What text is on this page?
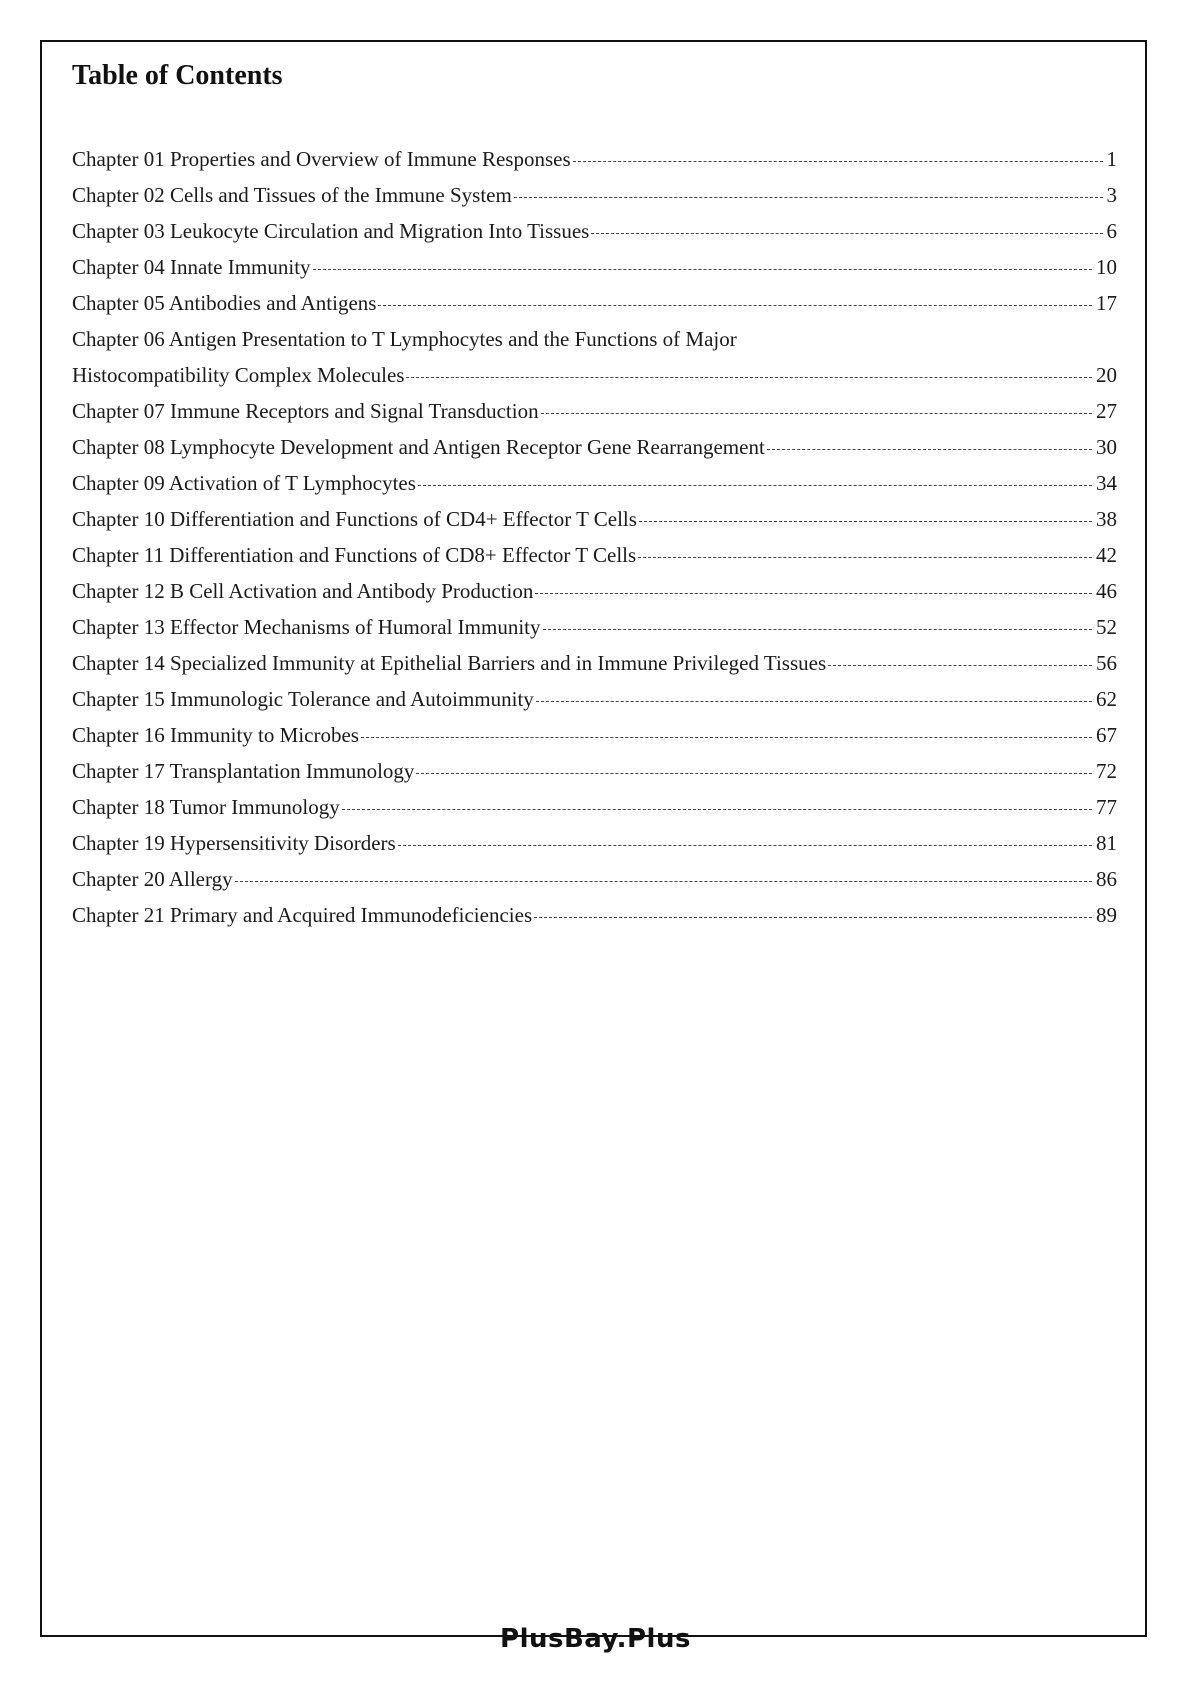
Table of Contents
Chapter 01 Properties and Overview of Immune Responses	1
Chapter 02 Cells and Tissues of the Immune System	3
Chapter 03 Leukocyte Circulation and Migration Into Tissues	6
Chapter 04 Innate Immunity	10
Chapter 05 Antibodies and Antigens	17
Chapter 06 Antigen Presentation to T Lymphocytes and the Functions of Major
Histocompatibility Complex Molecules	20
Chapter 07 Immune Receptors and Signal Transduction	27
Chapter 08 Lymphocyte Development and Antigen Receptor Gene Rearrangement	30
Chapter 09 Activation of T Lymphocytes	34
Chapter 10 Differentiation and Functions of CD4+ Effector T Cells	38
Chapter 11 Differentiation and Functions of CD8+ Effector T Cells	42
Chapter 12 B Cell Activation and Antibody Production	46
Chapter 13 Effector Mechanisms of Humoral Immunity	52
Chapter 14 Specialized Immunity at Epithelial Barriers and in Immune Privileged Tissues	56
Chapter 15 Immunologic Tolerance and Autoimmunity	62
Chapter 16 Immunity to Microbes	67
Chapter 17 Transplantation Immunology	72
Chapter 18 Tumor Immunology	77
Chapter 19 Hypersensitivity Disorders	81
Chapter 20 Allergy	86
Chapter 21 Primary and Acquired Immunodeficiencies	89
PlusBay.Plus
